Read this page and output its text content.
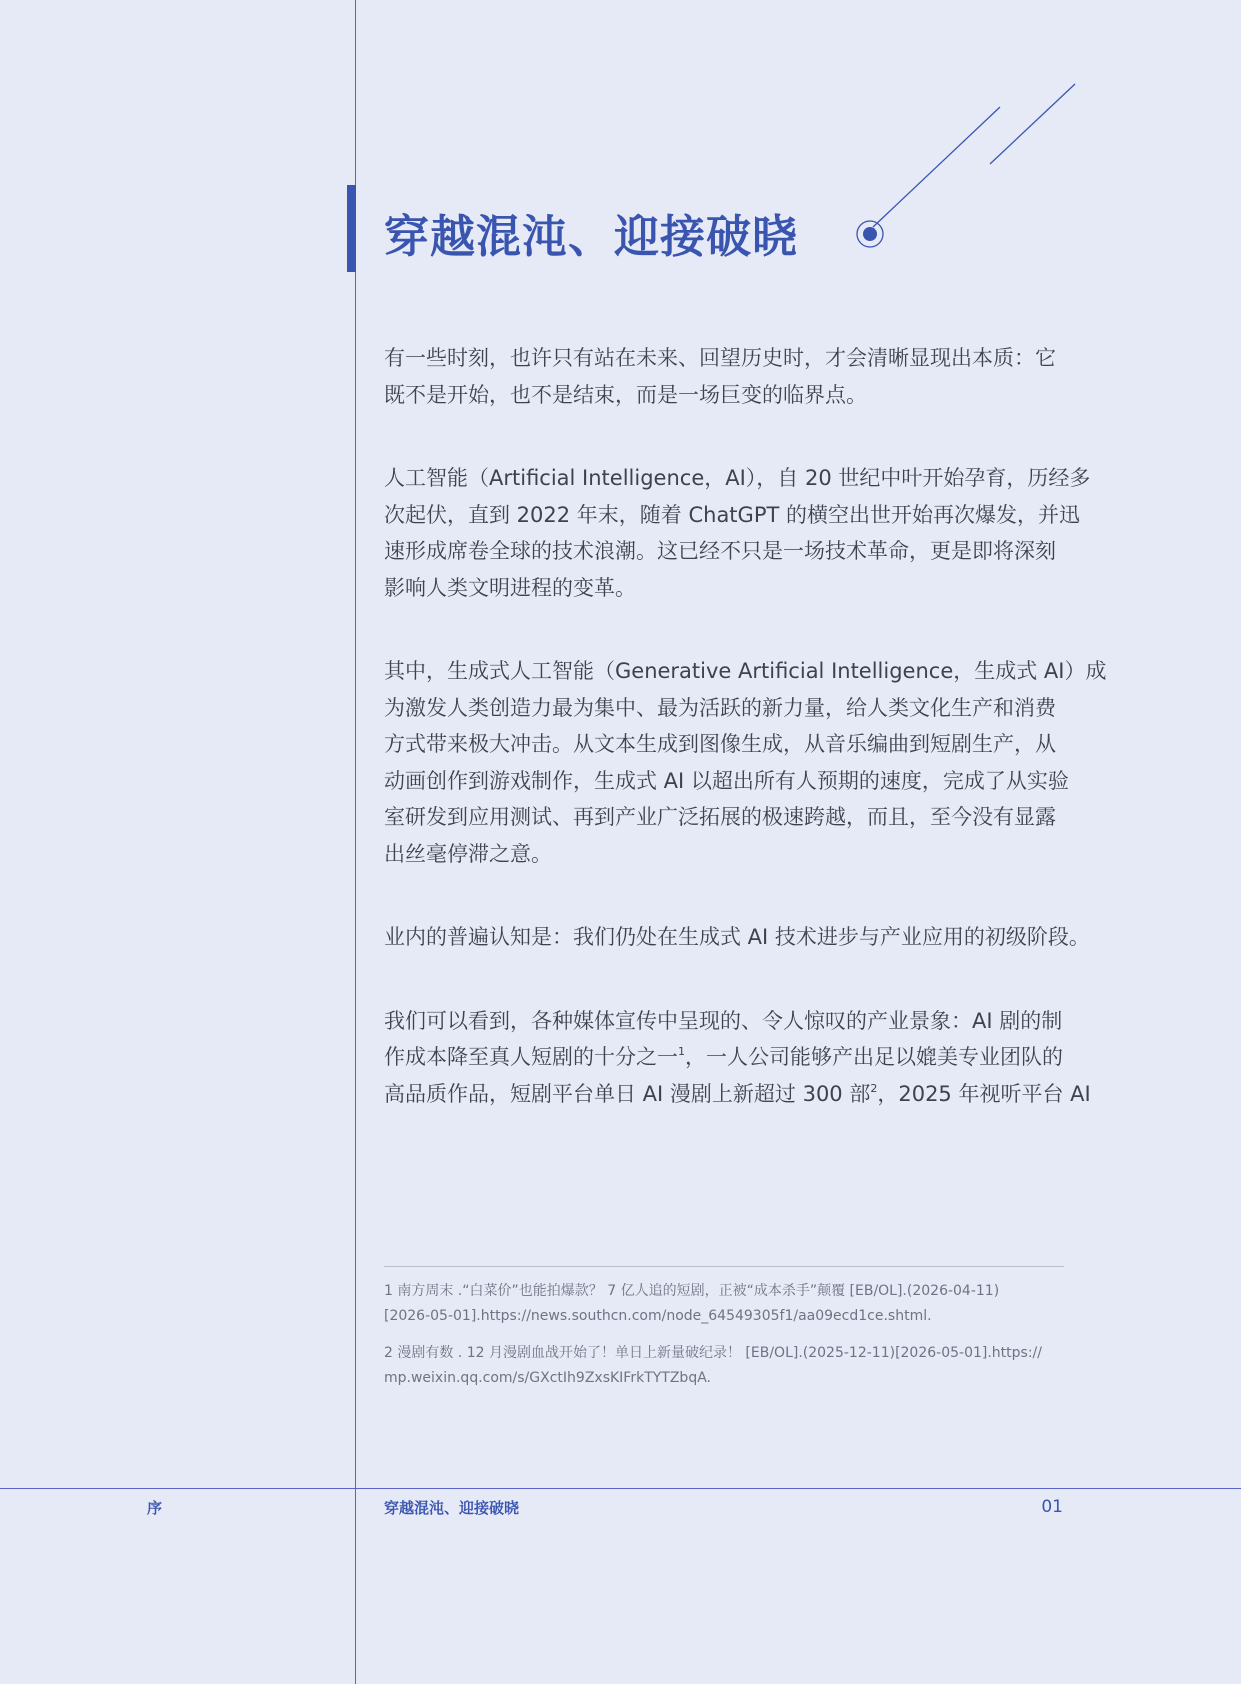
穿越混沌、迎接破晓

有一些时刻，也许只有站在未来、回望历史时，才会清晰显现出本质：它
既不是开始，也不是结束，而是一场巨变的临界点。

人工智能（Artificial Intelligence，AI），自 20 世纪中叶开始孕育，历经多
次起伏，直到 2022 年末，随着 ChatGPT 的横空出世开始再次爆发，并迅
速形成席卷全球的技术浪潮。这已经不只是一场技术革命，更是即将深刻
影响人类文明进程的变革。

其中，生成式人工智能（Generative Artificial Intelligence，生成式 AI）成
为激发人类创造力最为集中、最为活跃的新力量，给人类文化生产和消费
方式带来极大冲击。从文本生成到图像生成，从音乐编曲到短剧生产，从
动画创作到游戏制作，生成式 AI 以超出所有人预期的速度，完成了从实验
室研发到应用测试、再到产业广泛拓展的极速跨越，而且，至今没有显露
出丝毫停滞之意。

业内的普遍认知是：我们仍处在生成式 AI 技术进步与产业应用的初级阶段。

我们可以看到，各种媒体宣传中呈现的、令人惊叹的产业景象：AI 剧的制
作成本降至真人短剧的十分之一$^1$，一人公司能够产出足以媲美专业团队的
高品质作品，短剧平台单日 AI 漫剧上新超过 300 部$^2$，2025 年视听平台 AI

1 南方周末 .“白菜价”也能拍爆款？ 7 亿人追的短剧，正被“成本杀手”颠覆 [EB/OL].(2026-04-11)
[2026-05-01].https://news.southcn.com/node_64549305f1/aa09ecd1ce.shtml.

2 漫剧有数 . 12 月漫剧血战开始了！单日上新量破纪录！ [EB/OL].(2025-12-11)[2026-05-01].https://
mp.weixin.qq.com/s/GXctIh9ZxsKIFrkTYTZbqA.

序	穿越混沌、迎接破晓	01
